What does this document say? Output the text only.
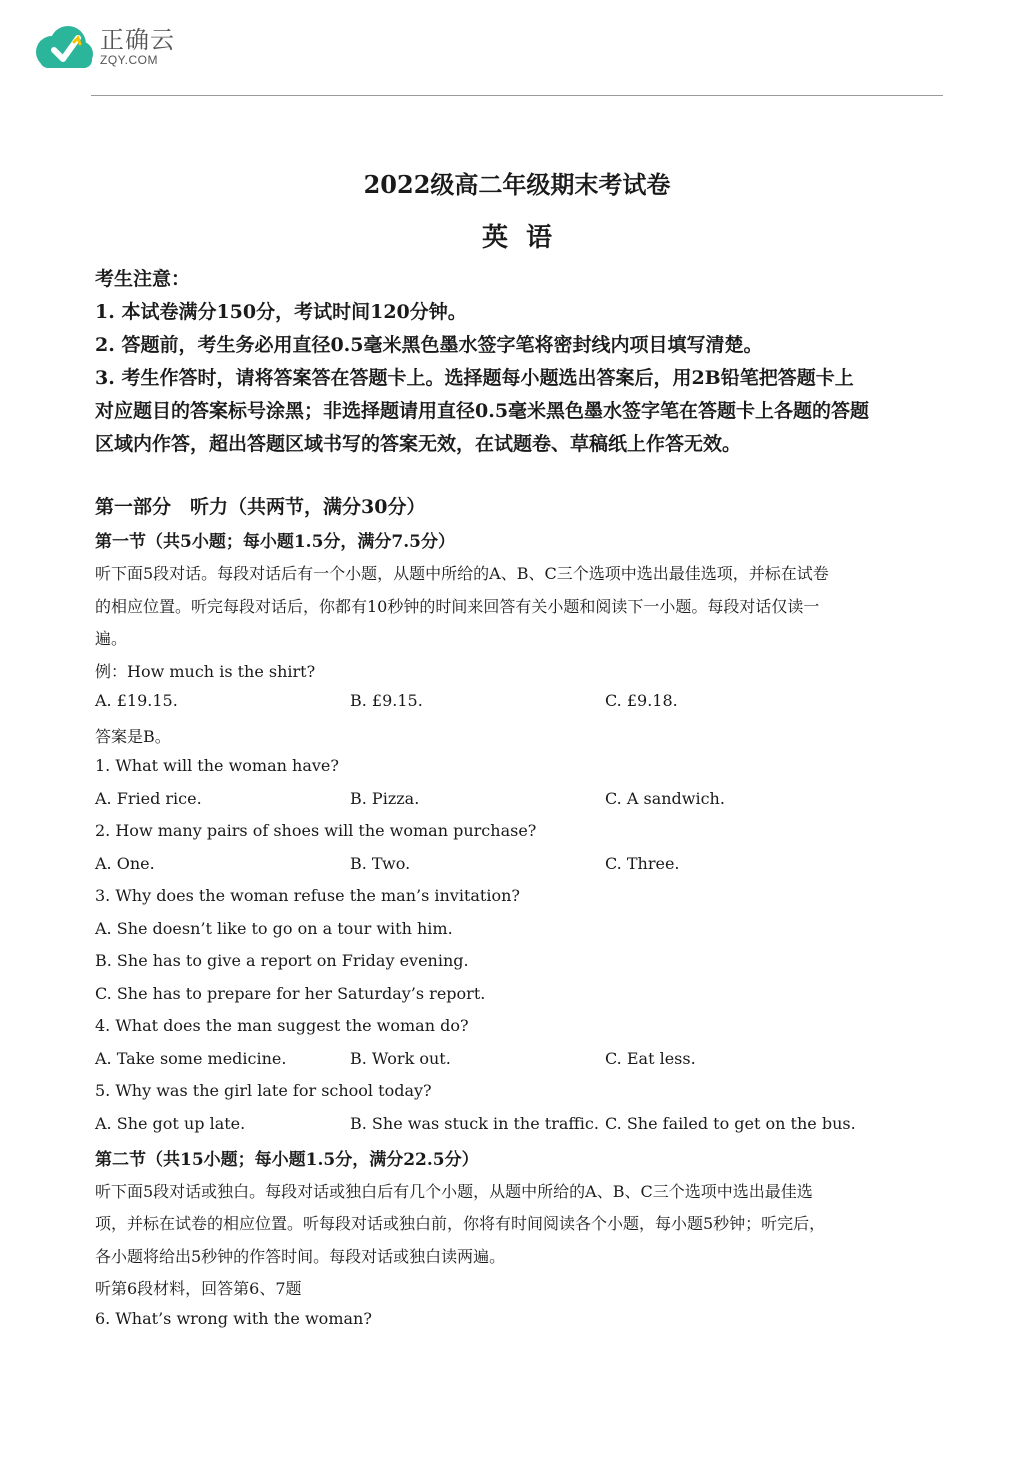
正确云
ZQY.COM
2022级高二年级期末考试卷
英语
考生注意：
1. 本试卷满分150分，考试时间120分钟。
2. 答题前，考生务必用直径0.5毫米黑色墨水签字笔将密封线内项目填写清楚。
3. 考生作答时，请将答案答在答题卡上。选择题每小题选出答案后，用2B铅笔把答题卡上
对应题目的答案标号涂黑；非选择题请用直径0.5毫米黑色墨水签字笔在答题卡上各题的答题
区域内作答，超出答题区域书写的答案无效，在试题卷、草稿纸上作答无效。
第一部分　听力（共两节，满分30分）
第一节（共5小题；每小题1.5分，满分7.5分）
听下面5段对话。每段对话后有一个小题，从题中所给的A、B、C三个选项中选出最佳选项，并标在试卷
的相应位置。听完每段对话后，你都有10秒钟的时间来回答有关小题和阅读下一小题。每段对话仅读一
遍。
例：How much is the shirt?
A. £19.15.	B. £9.15.	C. £9.18.
答案是B。
1. What will the woman have?
A. Fried rice.	B. Pizza.	C. A sandwich.
2. How many pairs of shoes will the woman purchase?
A. One.	B. Two.	C. Three.
3. Why does the woman refuse the man’s invitation?
A. She doesn’t like to go on a tour with him.
B. She has to give a report on Friday evening.
C. She has to prepare for her Saturday’s report.
4. What does the man suggest the woman do?
A. Take some medicine.	B. Work out.	C. Eat less.
5. Why was the girl late for school today?
A. She got up late.	B. She was stuck in the traffic. C. She failed to get on the bus.
第二节（共15小题；每小题1.5分，满分22.5分）
听下面5段对话或独白。每段对话或独白后有几个小题，从题中所给的A、B、C三个选项中选出最佳选
项，并标在试卷的相应位置。听每段对话或独白前，你将有时间阅读各个小题，每小题5秒钟；听完后，
各小题将给出5秒钟的作答时间。每段对话或独白读两遍。
听第6段材料，回答第6、7题
6. What’s wrong with the woman?
